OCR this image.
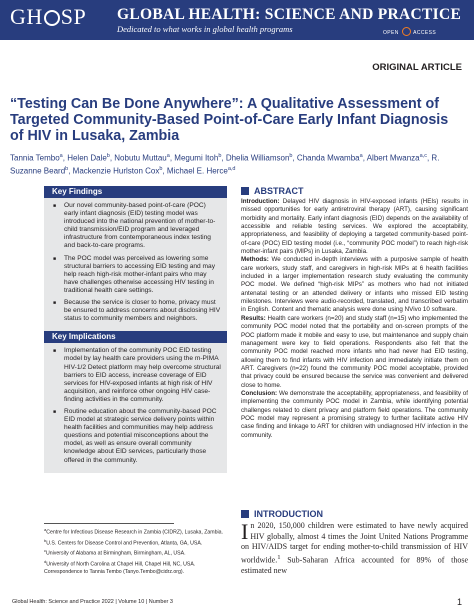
GH SP GLOBAL HEALTH: SCIENCE AND PRACTICE
Dedicated to what works in global health programs	OPEN	ACCESS
ORIGINAL ARTICLE
“Testing Can Be Done Anywhere”: A Qualitative Assessment of Targeted Community-Based Point-of-Care Early Infant Diagnosis of HIV in Lusaka, Zambia
Tannia Tembo$^a$, Helen Dale$^b$, Nobutu Muttau$^a$, Megumi Itoh$^b$, Dhelia Williamson$^b$, Chanda Mwamba$^a$, Albert Mwanza$^{a,c}$, R. Suzanne Beard$^b$, Mackenzie Hurlston Cox$^b$, Michael E. Herce$^{a,d}$
Key Findings
■ Our novel community-based point-of-care (POC) early infant diagnosis (EID) testing model was introduced into the national prevention of mother-to-child transmission/EID program and leveraged infrastructure from contemporaneous index testing and back-to-care programs.
■ The POC model was perceived as lowering some structural barriers to accessing EID testing and may help reach high-risk mother-infant pairs who may have challenges otherwise accessing HIV testing in traditional health care settings.
■ Because the service is closer to home, privacy must be ensured to address concerns about disclosing HIV status to community members and neighbors.
Key Implications
■ Implementation of the community POC EID testing model by lay health care providers using the m-PIMA HIV-1/2 Detect platform may help overcome structural barriers to EID access, increase coverage of EID services for HIV-exposed infants at high risk of HIV acquisition, and reinforce other ongoing HIV case-finding activities in the community.
■ Routine education about the community-based POC EID model at strategic service delivery points within health facilities and communities may help address questions and potential misconceptions about the model, as well as ensure overall community knowledge about EID services, particularly those offered in the community.
$^a$Centre for Infectious Disease Research in Zambia (CIDRZ), Lusaka, Zambia.
$^b$U.S. Centers for Disease Control and Prevention, Atlanta, GA, USA.
$^c$University of Alabama at Birmingham, Birmingham, AL, USA.
$^d$University of North Carolina at Chapel Hill, Chapel Hill, NC, USA.
Correspondence to Tannia Tembo (Tanyo.Tembo@cidrz.org).
ABSTRACT

Introduction: Delayed HIV diagnosis in HIV-exposed infants (HEIs) results in missed opportunities for early antiretroviral therapy (ART), causing significant morbidity and mortality. Early infant diagnosis (EID) depends on the availability of accessible and reliable testing services. We explored the acceptability, appropriateness, and feasibility of deploying a targeted community-based point-of-care (POC) EID testing model (i.e., “community POC model”) to reach high-risk mother-infant pairs (MIPs) in Lusaka, Zambia.

Methods: We conducted in-depth interviews with a purposive sample of health care workers, study staff, and caregivers in high-risk MIPs at 6 health facilities included in a larger implementation research study evaluating the community POC model. We defined “high-risk MIPs” as mothers who had not initiated antenatal testing or an attended delivery or infants who missed EID testing milestones. Interviews were audio-recorded, translated, and transcribed verbatim in English. Content and thematic analysis were done using NVivo 10 software.

Results: Health care workers (n=20) and study staff (n=15) who implemented the community POC model noted that the portability and on-screen prompts of the POC platform made it mobile and easy to use, but maintenance and supply chain management were key to field operations. Respondents also felt that the community POC model reached more infants who had never had EID testing, allowing them to find infants with HIV infection and immediately initiate them on ART. Caregivers (n=22) found the community POC model acceptable, provided that privacy could be ensured because the service was convenient and delivered close to home.

Conclusion: We demonstrate the acceptability, appropriateness, and feasibility of implementing the community POC model in Zambia, while identifying potential challenges related to client privacy and platform field operations. The community POC model may represent a promising strategy to further facilitate active HIV case finding and linkage to ART for children with undiagnosed HIV infection in the community.

INTRODUCTION
In 2020, 150,000 children were estimated to have newly acquired HIV globally, almost 4 times the Joint United Nations Programme on HIV/AIDS target for ending mother-to-child transmission of HIV worldwide.$^1$ Sub-Saharan Africa accounted for 89% of those estimated new
Global Health: Science and Practice 2022 | Volume 10 | Number 3	1
